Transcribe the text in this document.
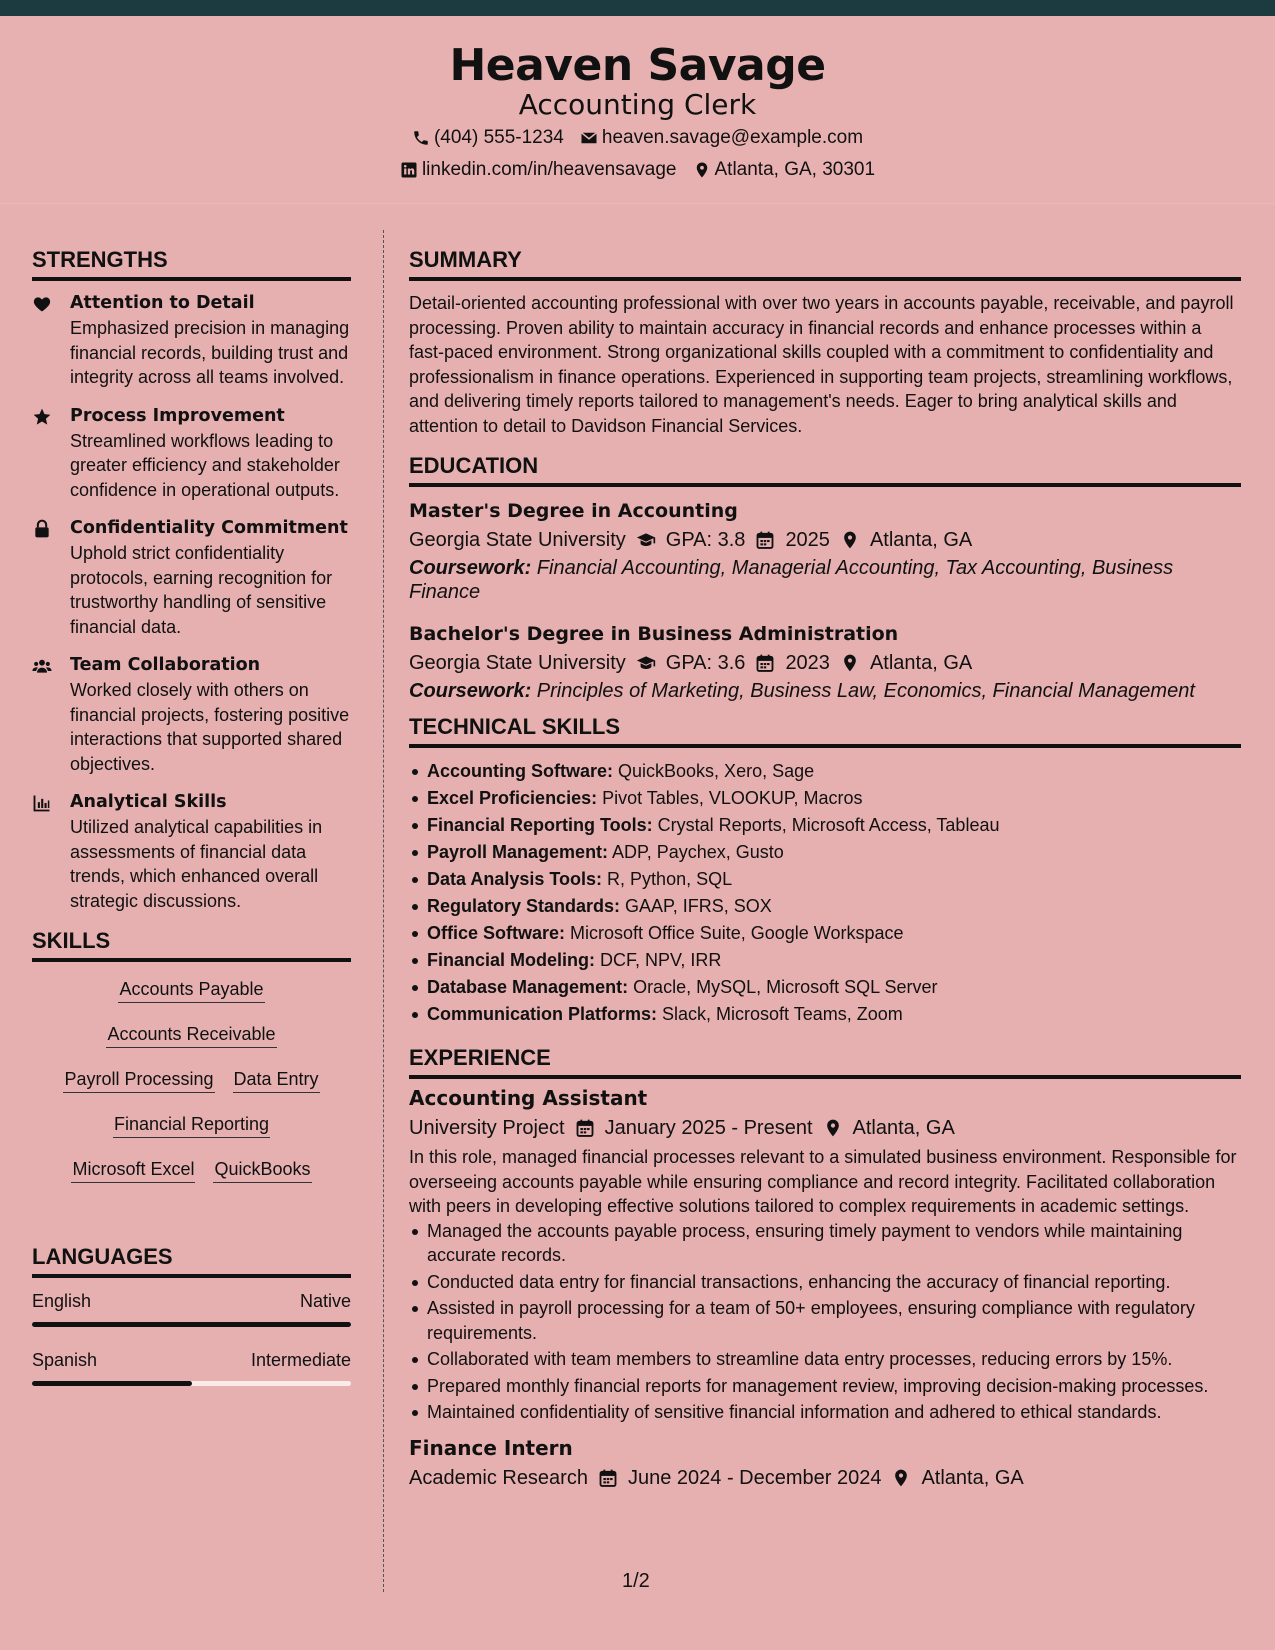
Heaven Savage
Accounting Clerk
(404) 555-1234 heaven.savage@example.com
linkedin.com/in/heavensavage Atlanta, GA, 30301
STRENGTHS
Attention to Detail
Emphasized precision in managing financial records, building trust and integrity across all teams involved.
Process Improvement
Streamlined workflows leading to greater efficiency and stakeholder confidence in operational outputs.
Confidentiality Commitment
Uphold strict confidentiality protocols, earning recognition for trustworthy handling of sensitive financial data.
Team Collaboration
Worked closely with others on financial projects, fostering positive interactions that supported shared objectives.
Analytical Skills
Utilized analytical capabilities in assessments of financial data trends, which enhanced overall strategic discussions.
SKILLS
Accounts Payable
Accounts Receivable
Payroll Processing Data Entry
Financial Reporting
Microsoft Excel QuickBooks
LANGUAGES
English	Native
Spanish	Intermediate
SUMMARY

Detail-oriented accounting professional with over two years in accounts payable, receivable, and payroll processing. Proven ability to maintain accuracy in financial records and enhance processes within a fast-paced environment. Strong organizational skills coupled with a commitment to confidentiality and professionalism in finance operations. Experienced in supporting team projects, streamlining workflows, and delivering timely reports tailored to management's needs. Eager to bring analytical skills and attention to detail to Davidson Financial Services.

EDUCATION
Master's Degree in Accounting
Georgia State University GPA: 3.8 2025 Atlanta, GA
Coursework: Financial Accounting, Managerial Accounting, Tax Accounting, Business Finance
Bachelor's Degree in Business Administration
Georgia State University GPA: 3.6 2023 Atlanta, GA
Coursework: Principles of Marketing, Business Law, Economics, Financial Management
TECHNICAL SKILLS
Accounting Software: QuickBooks, Xero, Sage
Excel Proficiencies: Pivot Tables, VLOOKUP, Macros
Financial Reporting Tools: Crystal Reports, Microsoft Access, Tableau
Payroll Management: ADP, Paychex, Gusto
Data Analysis Tools: R, Python, SQL
Regulatory Standards: GAAP, IFRS, SOX
Office Software: Microsoft Office Suite, Google Workspace
Financial Modeling: DCF, NPV, IRR
Database Management: Oracle, MySQL, Microsoft SQL Server
Communication Platforms: Slack, Microsoft Teams, Zoom
EXPERIENCE
Accounting Assistant
University Project January 2025 - Present Atlanta, GA

In this role, managed financial processes relevant to a simulated business environment. Responsible for overseeing accounts payable while ensuring compliance and record integrity. Facilitated collaboration with peers in developing effective solutions tailored to complex requirements in academic settings.

Managed the accounts payable process, ensuring timely payment to vendors while maintaining accurate records.
Conducted data entry for financial transactions, enhancing the accuracy of financial reporting.
Assisted in payroll processing for a team of 50+ employees, ensuring compliance with regulatory requirements.
Collaborated with team members to streamline data entry processes, reducing errors by 15%.
Prepared monthly financial reports for management review, improving decision-making processes.
Maintained confidentiality of sensitive financial information and adhered to ethical standards.
Finance Intern
Academic Research June 2024 - December 2024 Atlanta, GA
1/2
